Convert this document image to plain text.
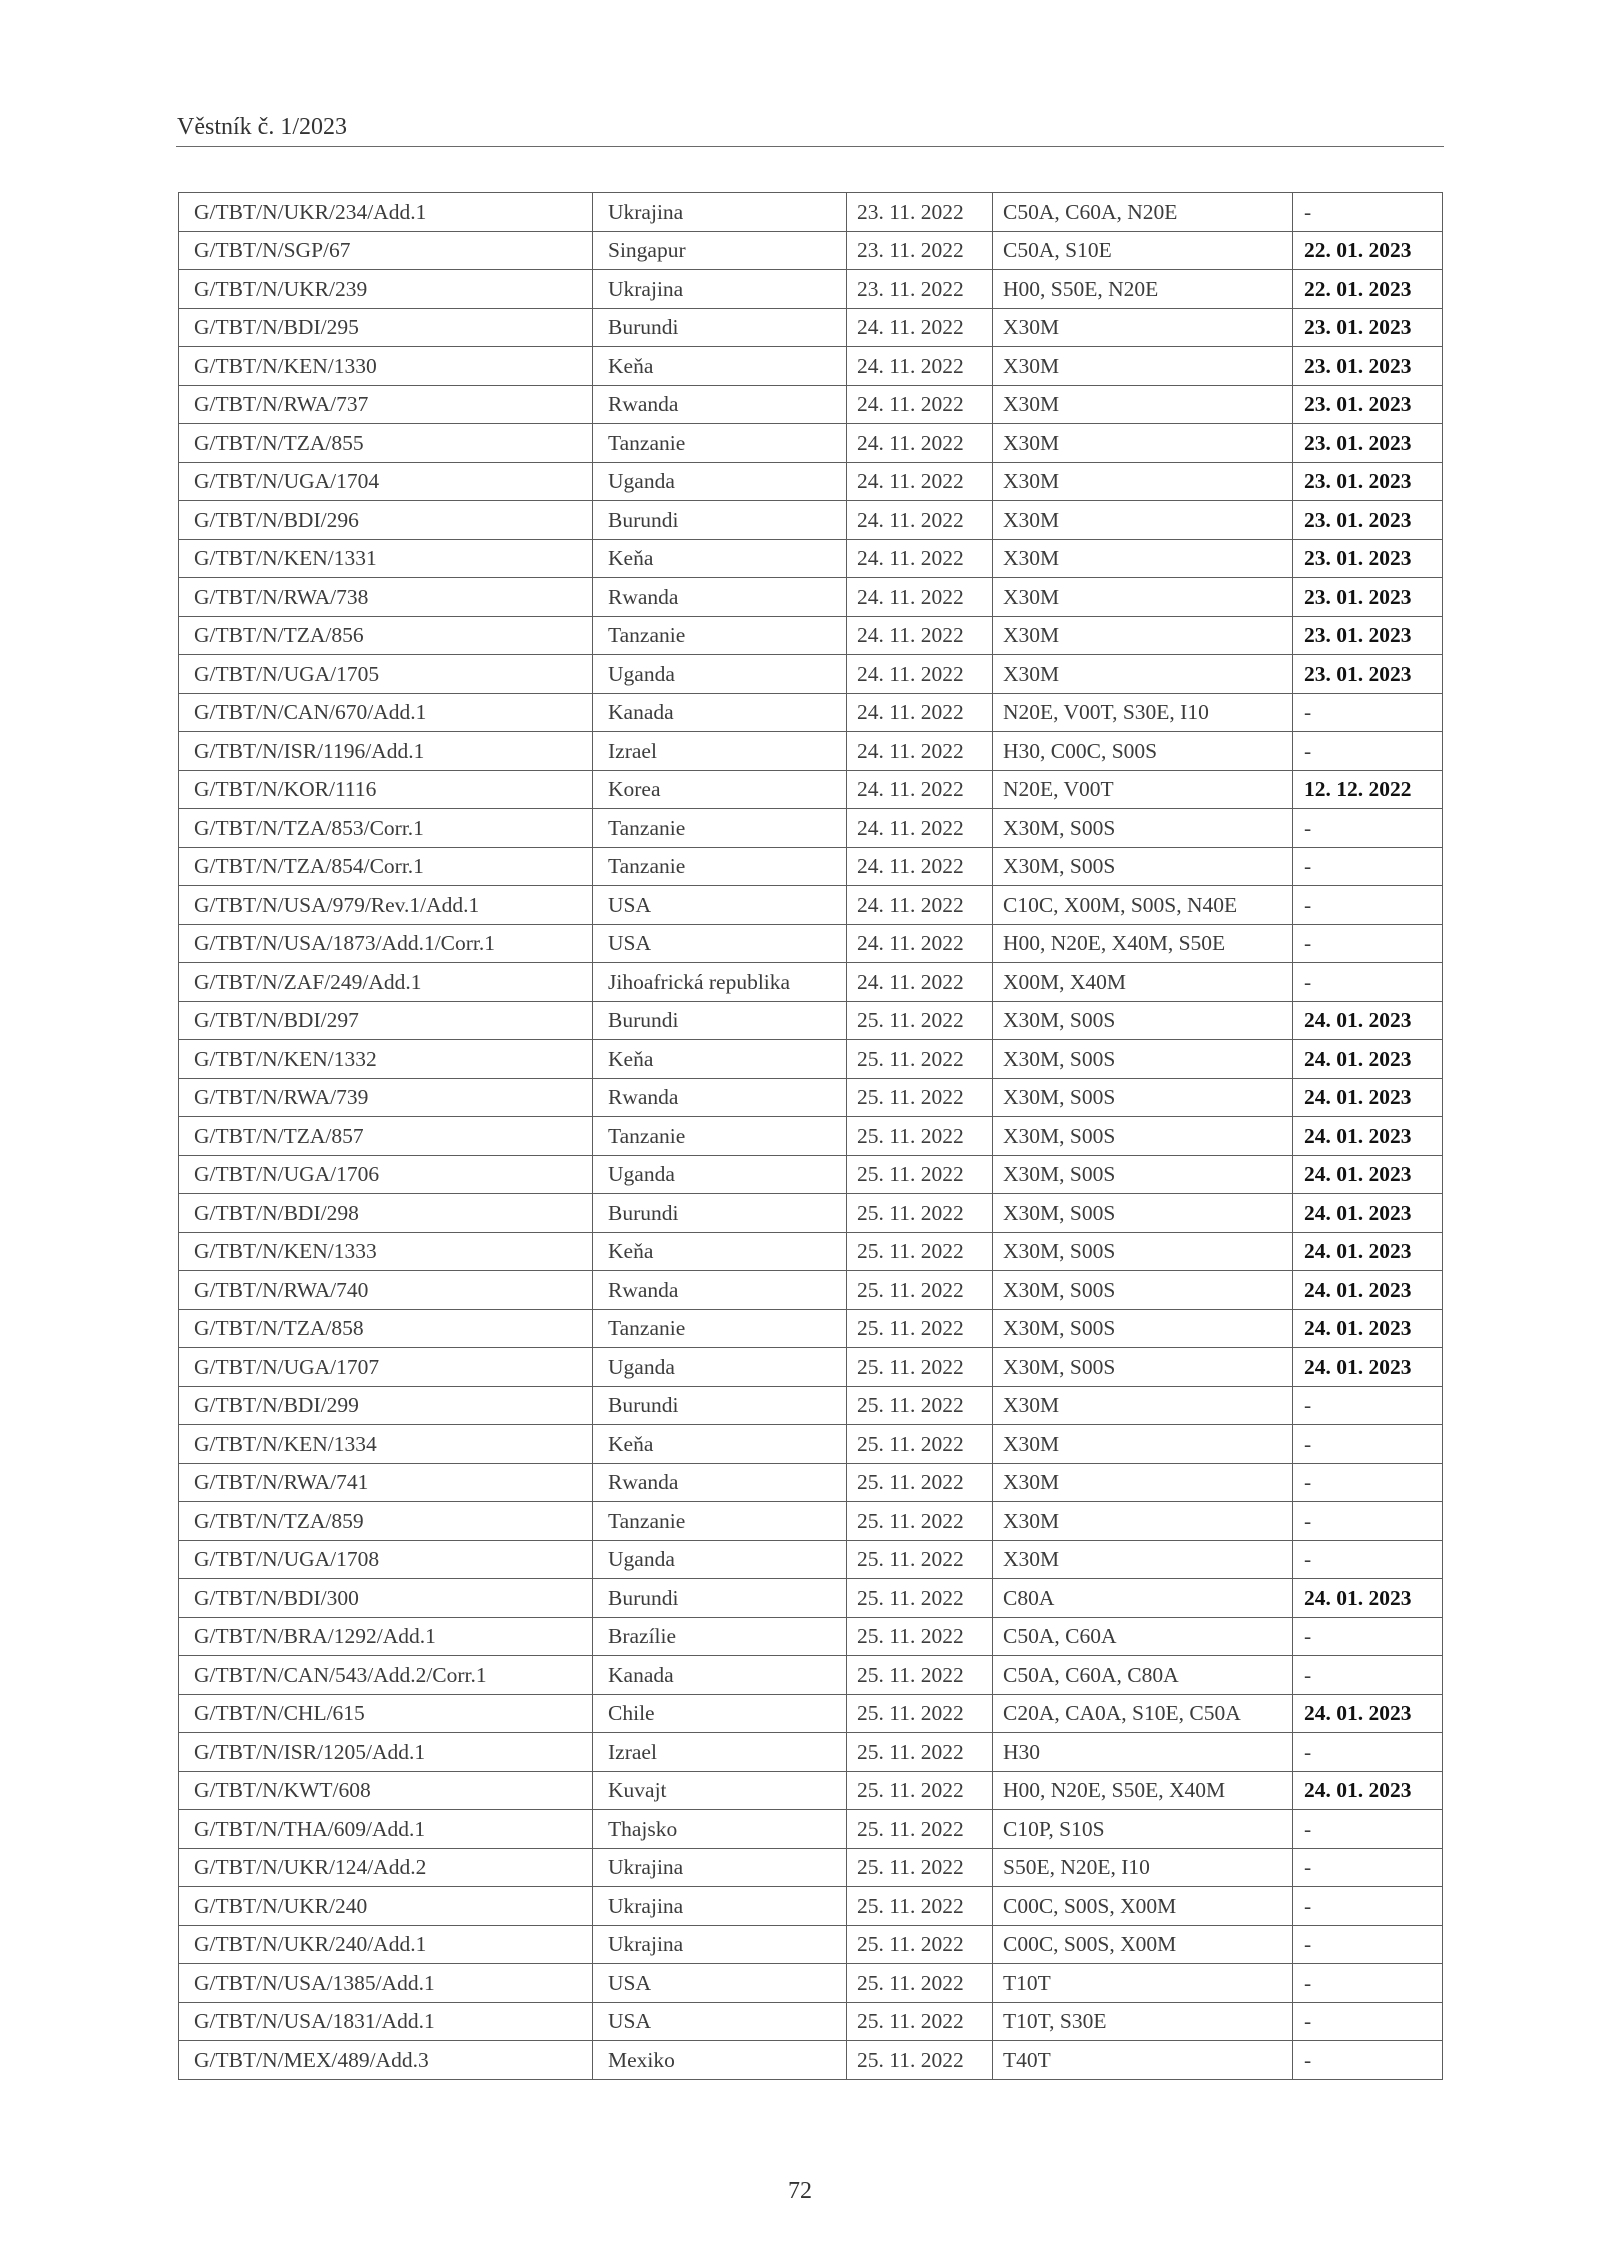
Věstník č. 1/2023
G/TBT/N/UKR/234/Add.1	Ukrajina	23. 11. 2022	C50A, C60A, N20E	-
G/TBT/N/SGP/67	Singapur	23. 11. 2022	C50A, S10E	22. 01. 2023
G/TBT/N/UKR/239	Ukrajina	23. 11. 2022	H00, S50E, N20E	22. 01. 2023
G/TBT/N/BDI/295	Burundi	24. 11. 2022	X30M	23. 01. 2023
G/TBT/N/KEN/1330	Keňa	24. 11. 2022	X30M	23. 01. 2023
G/TBT/N/RWA/737	Rwanda	24. 11. 2022	X30M	23. 01. 2023
G/TBT/N/TZA/855	Tanzanie	24. 11. 2022	X30M	23. 01. 2023
G/TBT/N/UGA/1704	Uganda	24. 11. 2022	X30M	23. 01. 2023
G/TBT/N/BDI/296	Burundi	24. 11. 2022	X30M	23. 01. 2023
G/TBT/N/KEN/1331	Keňa	24. 11. 2022	X30M	23. 01. 2023
G/TBT/N/RWA/738	Rwanda	24. 11. 2022	X30M	23. 01. 2023
G/TBT/N/TZA/856	Tanzanie	24. 11. 2022	X30M	23. 01. 2023
G/TBT/N/UGA/1705	Uganda	24. 11. 2022	X30M	23. 01. 2023
G/TBT/N/CAN/670/Add.1	Kanada	24. 11. 2022	N20E, V00T, S30E, I10	-
G/TBT/N/ISR/1196/Add.1	Izrael	24. 11. 2022	H30, C00C, S00S	-
G/TBT/N/KOR/1116	Korea	24. 11. 2022	N20E, V00T	12. 12. 2022
G/TBT/N/TZA/853/Corr.1	Tanzanie	24. 11. 2022	X30M, S00S	-
G/TBT/N/TZA/854/Corr.1	Tanzanie	24. 11. 2022	X30M, S00S	-
G/TBT/N/USA/979/Rev.1/Add.1	USA	24. 11. 2022	C10C, X00M, S00S, N40E	-
G/TBT/N/USA/1873/Add.1/Corr.1	USA	24. 11. 2022	H00, N20E, X40M, S50E	-
G/TBT/N/ZAF/249/Add.1	Jihoafrická republika	24. 11. 2022	X00M, X40M	-
G/TBT/N/BDI/297	Burundi	25. 11. 2022	X30M, S00S	24. 01. 2023
G/TBT/N/KEN/1332	Keňa	25. 11. 2022	X30M, S00S	24. 01. 2023
G/TBT/N/RWA/739	Rwanda	25. 11. 2022	X30M, S00S	24. 01. 2023
G/TBT/N/TZA/857	Tanzanie	25. 11. 2022	X30M, S00S	24. 01. 2023
G/TBT/N/UGA/1706	Uganda	25. 11. 2022	X30M, S00S	24. 01. 2023
G/TBT/N/BDI/298	Burundi	25. 11. 2022	X30M, S00S	24. 01. 2023
G/TBT/N/KEN/1333	Keňa	25. 11. 2022	X30M, S00S	24. 01. 2023
G/TBT/N/RWA/740	Rwanda	25. 11. 2022	X30M, S00S	24. 01. 2023
G/TBT/N/TZA/858	Tanzanie	25. 11. 2022	X30M, S00S	24. 01. 2023
G/TBT/N/UGA/1707	Uganda	25. 11. 2022	X30M, S00S	24. 01. 2023
G/TBT/N/BDI/299	Burundi	25. 11. 2022	X30M	-
G/TBT/N/KEN/1334	Keňa	25. 11. 2022	X30M	-
G/TBT/N/RWA/741	Rwanda	25. 11. 2022	X30M	-
G/TBT/N/TZA/859	Tanzanie	25. 11. 2022	X30M	-
G/TBT/N/UGA/1708	Uganda	25. 11. 2022	X30M	-
G/TBT/N/BDI/300	Burundi	25. 11. 2022	C80A	24. 01. 2023
G/TBT/N/BRA/1292/Add.1	Brazílie	25. 11. 2022	C50A, C60A	-
G/TBT/N/CAN/543/Add.2/Corr.1	Kanada	25. 11. 2022	C50A, C60A, C80A	-
G/TBT/N/CHL/615	Chile	25. 11. 2022	C20A, CA0A, S10E, C50A	24. 01. 2023
G/TBT/N/ISR/1205/Add.1	Izrael	25. 11. 2022	H30	-
G/TBT/N/KWT/608	Kuvajt	25. 11. 2022	H00, N20E, S50E, X40M	24. 01. 2023
G/TBT/N/THA/609/Add.1	Thajsko	25. 11. 2022	C10P, S10S	-
G/TBT/N/UKR/124/Add.2	Ukrajina	25. 11. 2022	S50E, N20E, I10	-
G/TBT/N/UKR/240	Ukrajina	25. 11. 2022	C00C, S00S, X00M	-
G/TBT/N/UKR/240/Add.1	Ukrajina	25. 11. 2022	C00C, S00S, X00M	-
G/TBT/N/USA/1385/Add.1	USA	25. 11. 2022	T10T	-
G/TBT/N/USA/1831/Add.1	USA	25. 11. 2022	T10T, S30E	-
G/TBT/N/MEX/489/Add.3	Mexiko	25. 11. 2022	T40T	-
72
